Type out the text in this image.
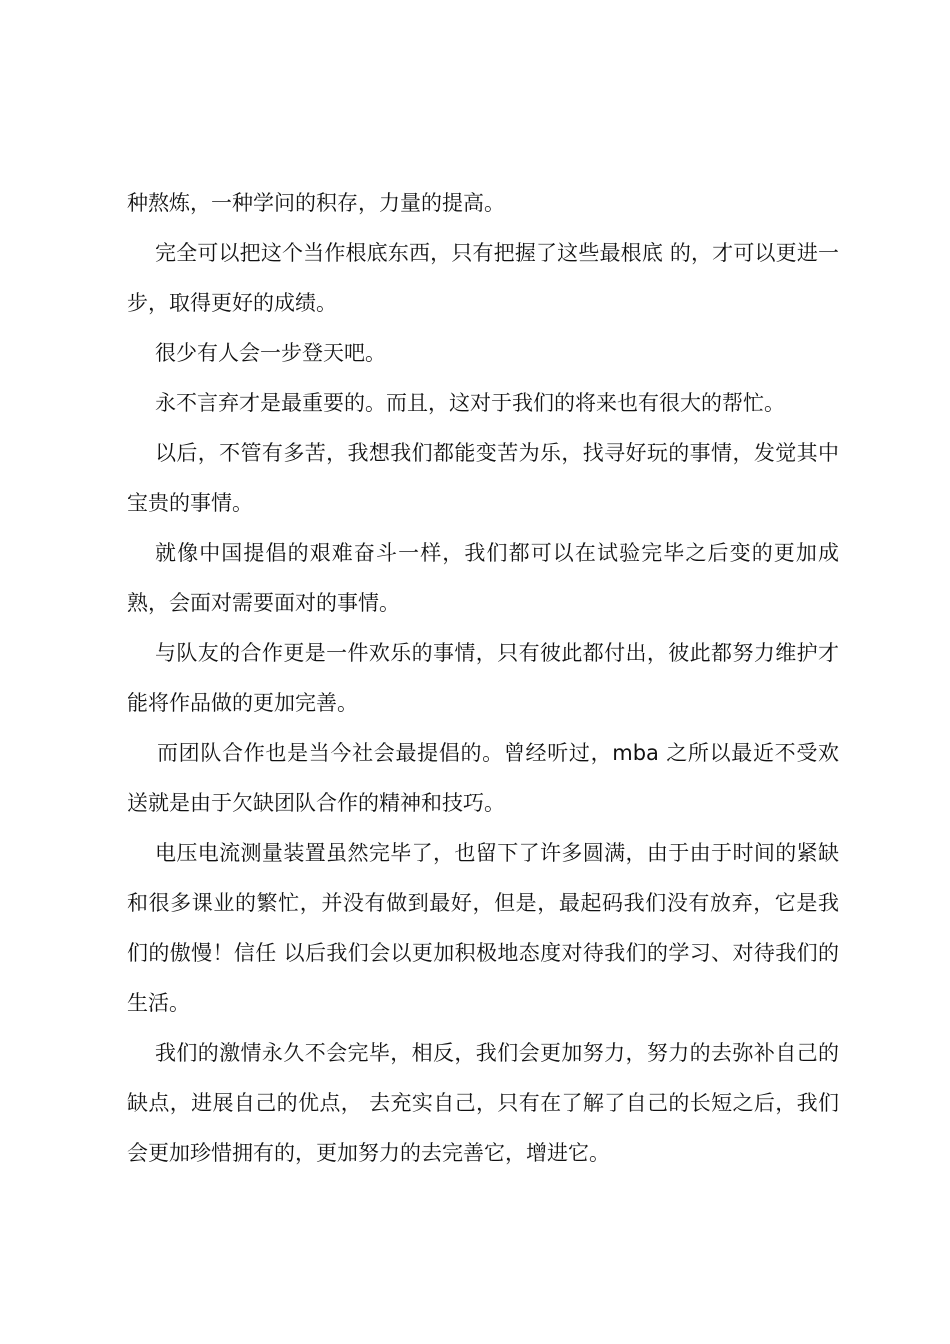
种熬炼，一种学问的积存，力量的提高。

完全可以把这个当作根底东西，只有把握了这些最根底 的，才可以更进一步，取得更好的成绩。

很少有人会一步登天吧。

永不言弃才是最重要的。而且，这对于我们的将来也有很大的帮忙。

以后，不管有多苦，我想我们都能变苦为乐，找寻好玩的事情，发觉其中宝贵的事情。

就像中国提倡的艰难奋斗一样，我们都可以在试验完毕之后变的更加成熟，会面对需要面对的事情。

与队友的合作更是一件欢乐的事情，只有彼此都付出，彼此都努力维护才能将作品做的更加完善。

而团队合作也是当今社会最提倡的。曾经听过，mba 之所以最近不受欢送就是由于欠缺团队合作的精神和技巧。

电压电流测量装置虽然完毕了，也留下了许多圆满，由于由于时间的紧缺和很多课业的繁忙，并没有做到最好，但是，最起码我们没有放弃，它是我们的傲慢！信任 以后我们会以更加积极地态度对待我们的学习、对待我们的生活。

我们的激情永久不会完毕，相反，我们会更加努力，努力的去弥补自己的缺点，进展自己的优点， 去充实自己，只有在了解了自己的长短之后，我们会更加珍惜拥有的，更加努力的去完善它，增进它。
